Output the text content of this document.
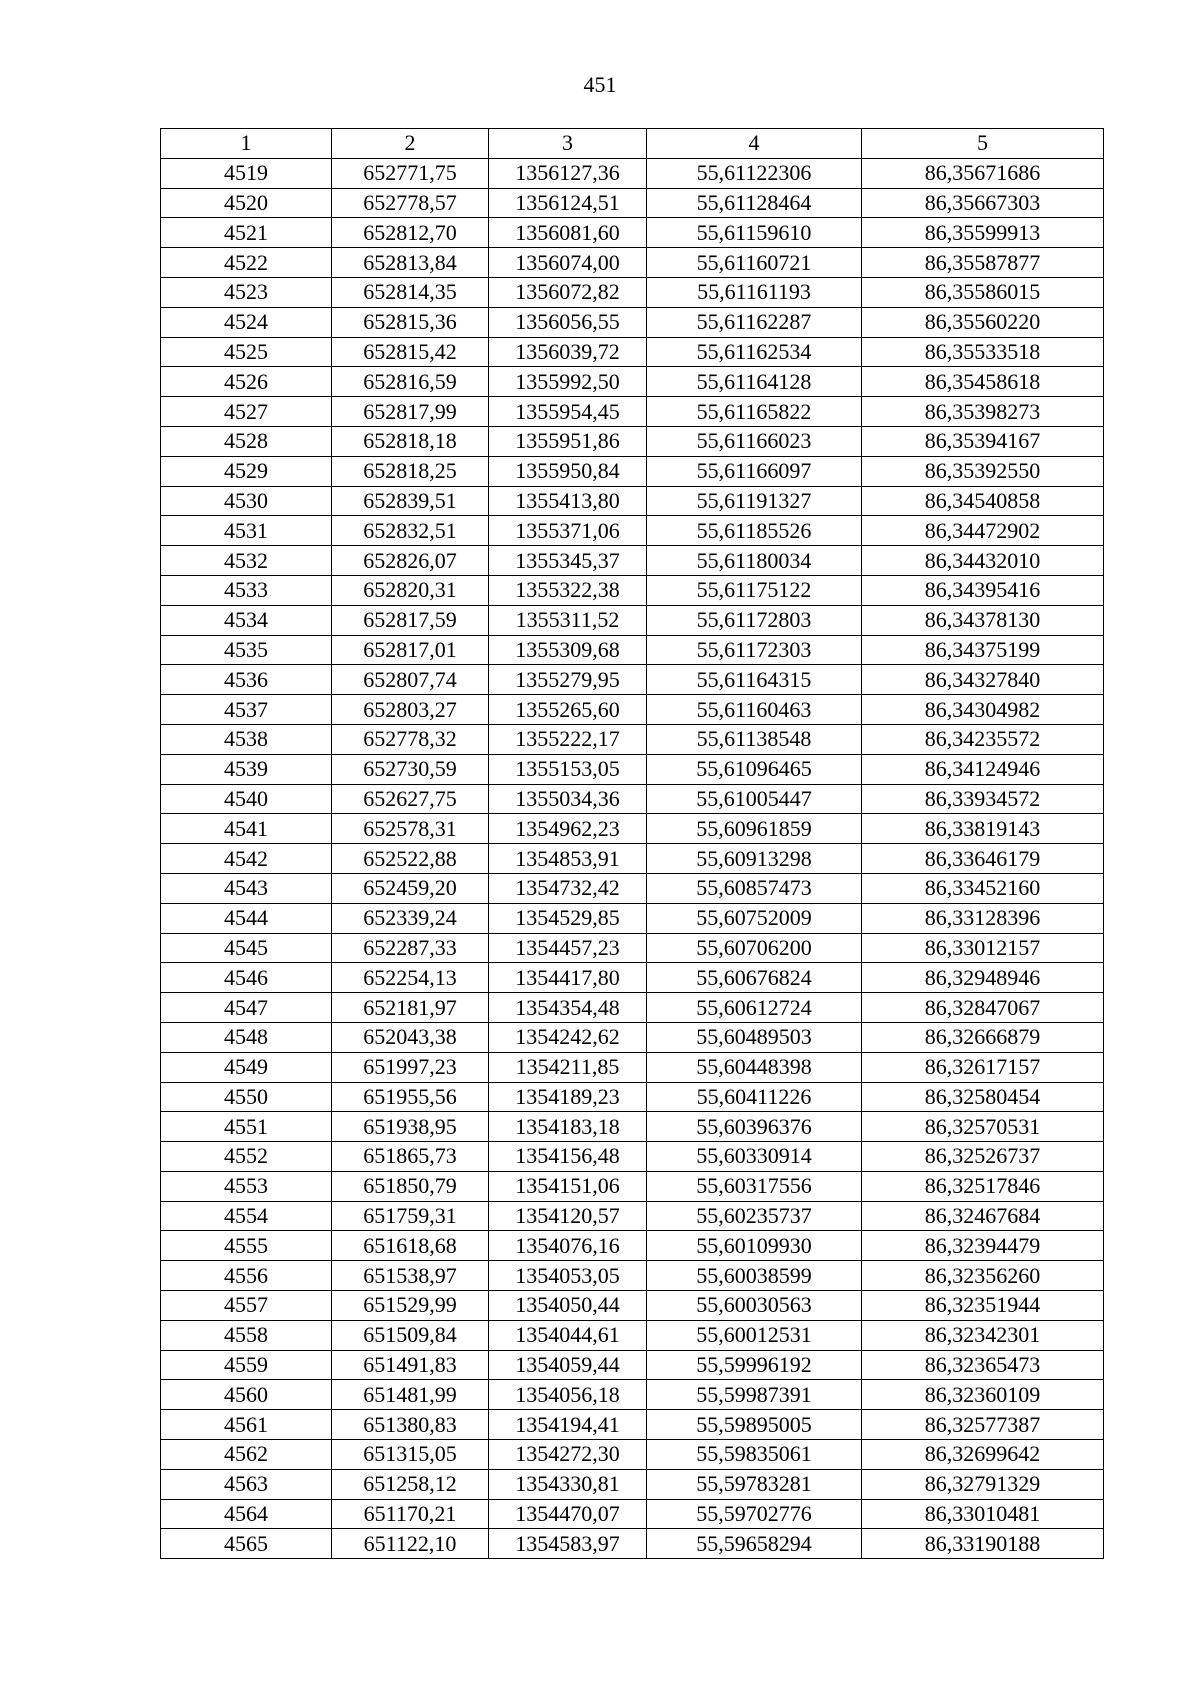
451
1	2	3	4	5
4519	652771,75	1356127,36	55,61122306	86,35671686
4520	652778,57	1356124,51	55,61128464	86,35667303
4521	652812,70	1356081,60	55,61159610	86,35599913
4522	652813,84	1356074,00	55,61160721	86,35587877
4523	652814,35	1356072,82	55,61161193	86,35586015
4524	652815,36	1356056,55	55,61162287	86,35560220
4525	652815,42	1356039,72	55,61162534	86,35533518
4526	652816,59	1355992,50	55,61164128	86,35458618
4527	652817,99	1355954,45	55,61165822	86,35398273
4528	652818,18	1355951,86	55,61166023	86,35394167
4529	652818,25	1355950,84	55,61166097	86,35392550
4530	652839,51	1355413,80	55,61191327	86,34540858
4531	652832,51	1355371,06	55,61185526	86,34472902
4532	652826,07	1355345,37	55,61180034	86,34432010
4533	652820,31	1355322,38	55,61175122	86,34395416
4534	652817,59	1355311,52	55,61172803	86,34378130
4535	652817,01	1355309,68	55,61172303	86,34375199
4536	652807,74	1355279,95	55,61164315	86,34327840
4537	652803,27	1355265,60	55,61160463	86,34304982
4538	652778,32	1355222,17	55,61138548	86,34235572
4539	652730,59	1355153,05	55,61096465	86,34124946
4540	652627,75	1355034,36	55,61005447	86,33934572
4541	652578,31	1354962,23	55,60961859	86,33819143
4542	652522,88	1354853,91	55,60913298	86,33646179
4543	652459,20	1354732,42	55,60857473	86,33452160
4544	652339,24	1354529,85	55,60752009	86,33128396
4545	652287,33	1354457,23	55,60706200	86,33012157
4546	652254,13	1354417,80	55,60676824	86,32948946
4547	652181,97	1354354,48	55,60612724	86,32847067
4548	652043,38	1354242,62	55,60489503	86,32666879
4549	651997,23	1354211,85	55,60448398	86,32617157
4550	651955,56	1354189,23	55,60411226	86,32580454
4551	651938,95	1354183,18	55,60396376	86,32570531
4552	651865,73	1354156,48	55,60330914	86,32526737
4553	651850,79	1354151,06	55,60317556	86,32517846
4554	651759,31	1354120,57	55,60235737	86,32467684
4555	651618,68	1354076,16	55,60109930	86,32394479
4556	651538,97	1354053,05	55,60038599	86,32356260
4557	651529,99	1354050,44	55,60030563	86,32351944
4558	651509,84	1354044,61	55,60012531	86,32342301
4559	651491,83	1354059,44	55,59996192	86,32365473
4560	651481,99	1354056,18	55,59987391	86,32360109
4561	651380,83	1354194,41	55,59895005	86,32577387
4562	651315,05	1354272,30	55,59835061	86,32699642
4563	651258,12	1354330,81	55,59783281	86,32791329
4564	651170,21	1354470,07	55,59702776	86,33010481
4565	651122,10	1354583,97	55,59658294	86,33190188
